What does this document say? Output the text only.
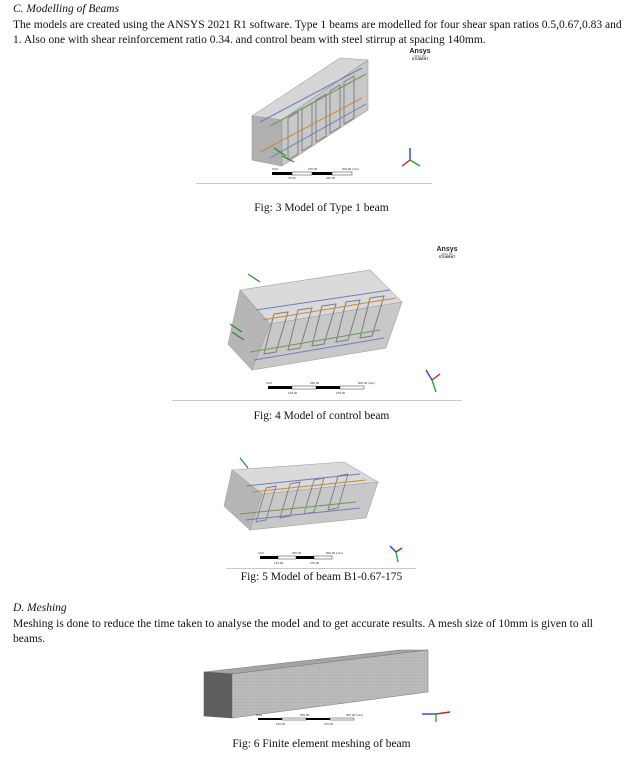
C. Modelling of Beams
The models are created using the ANSYS 2021 R1 software. Type 1 beams are modelled for four shear span ratios 0.5,0.67,0.83 and
1. Also one with shear reinforcement ratio 0.34. and control beam with steel stirrup at spacing 140mm.
0.00	150.00	300.00 (mm)
75.00	225.00
Ansys
2021 R2
STUDENT
Fig: 3 Model of Type 1 beam
0.00	250.00	500.00 (mm)
125.00	375.00
Ansys
2021 R2
STUDENT
Fig: 4 Model of control beam
0.00	250.00	500.00 (mm)
125.00	375.00
Fig: 5 Model of beam B1-0.67-175
D. Meshing
Meshing is done to reduce the time taken to analyse the model and to get accurate results. A mesh size of 10mm is given to all
beams.
0.00	250.00	500.00 (mm)
125.00	375.00
Fig: 6 Finite element meshing of beam
